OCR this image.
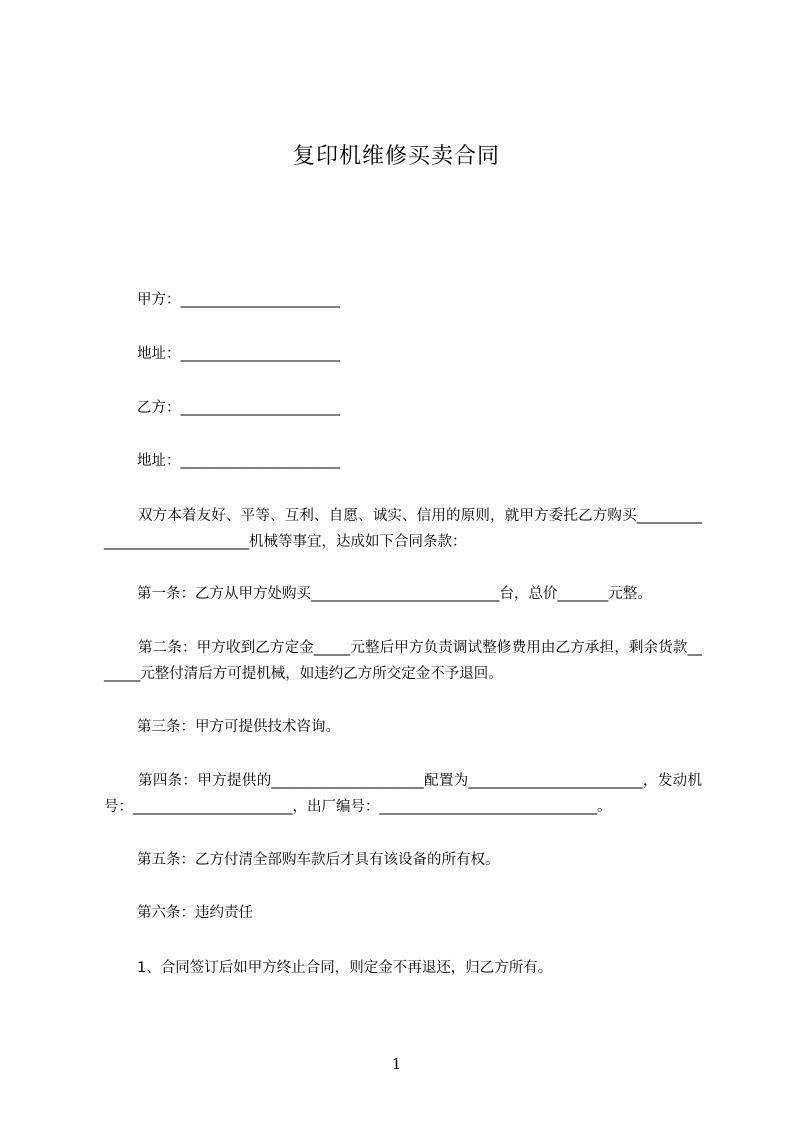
复印机维修买卖合同
甲方：______________________
地址：______________________
乙方：______________________
地址：______________________
双方本着友好、平等、互利、自愿、诚实、信用的原则，就甲方委托乙方购买_____________________________机械等事宜，达成如下合同条款：
第一条：乙方从甲方处购买__________________________台，总价_______元整。
第二条：甲方收到乙方定金_____元整后甲方负责调试整修费用由乙方承担，剩余货款_______元整付清后方可提机械，如违约乙方所交定金不予退回。
第三条：甲方可提供技术咨询。
第四条：甲方提供的_____________________配置为________________________，发动机号：______________________，出厂编号：______________________________。
第五条：乙方付清全部购车款后才具有该设备的所有权。
第六条：违约责任
1、合同签订后如甲方终止合同，则定金不再退还，归乙方所有。
1
